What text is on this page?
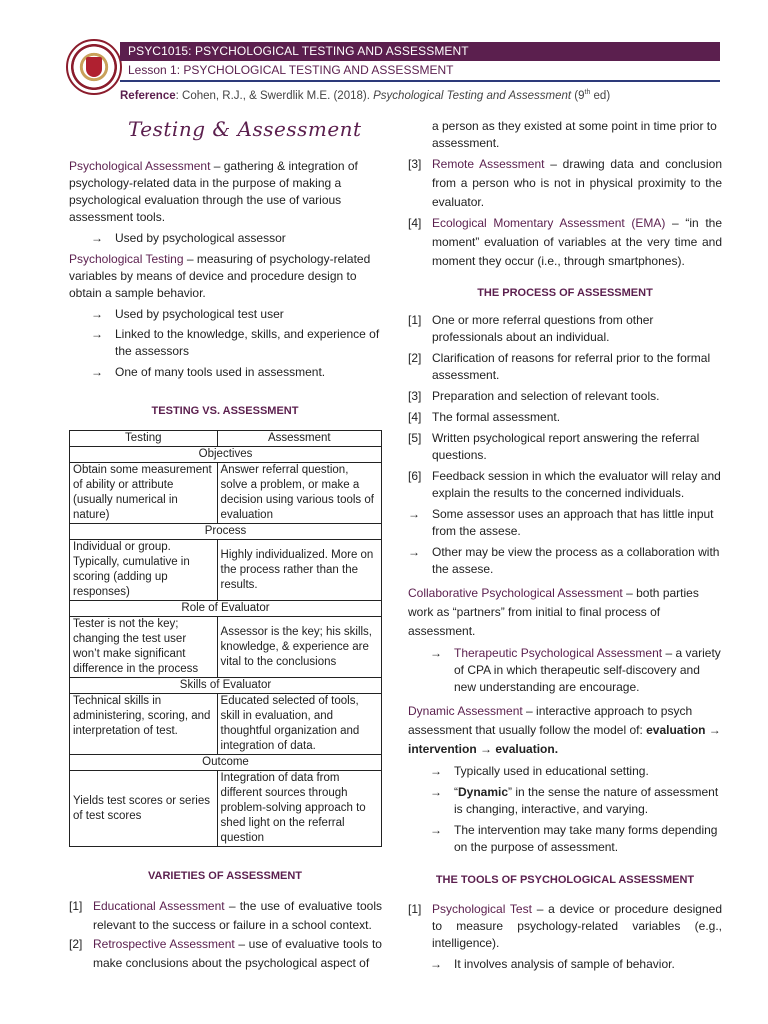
PSYC1015: PSYCHOLOGICAL TESTING AND ASSESSMENT
Lesson 1: PSYCHOLOGICAL TESTING AND ASSESSMENT
Reference: Cohen, R.J., & Swerdlik M.E. (2018). Psychological Testing and Assessment (9th ed)
Testing & Assessment

Psychological Assessment – gathering & integration of psychology-related data in the purpose of making a psychological evaluation through the use of various assessment tools.

→ Used by psychological assessor

Psychological Testing – measuring of psychology-related variables by means of device and procedure design to obtain a sample behavior.

→ Used by psychological test user

→ Linked to the knowledge, skills, and experience of the assessors

→ One of many tools used in assessment.

TESTING VS. ASSESSMENT
Testing	Assessment
Objectives	
Obtain some measurement of ability or attribute (usually numerical in nature)	Answer referral question, solve a problem, or make a decision using various tools of evaluation
Process	
Individual or group. Typically, cumulative in scoring (adding up responses)	Highly individualized. More on the process rather than the results.
Role of Evaluator	
Tester is not the key; changing the test user won’t make significant difference in the process	Assessor is the key; his skills, knowledge, & experience are vital to the conclusions
Skills of Evaluator	
Technical skills in administering, scoring, and interpretation of test.	Educated selected of tools, skill in evaluation, and thoughtful organization and integration of data.
Outcome	
Yields test scores or series of test scores	Integration of data from different sources through problem-solving approach to shed light on the referral question
VARIETIES OF ASSESSMENT

[1] Educational Assessment – the use of evaluative tools relevant to the success or failure in a school context.

[2] Retrospective Assessment – use of evaluative tools to make conclusions about the psychological aspect of

a person as they existed at some point in time prior to assessment.

[3] Remote Assessment – drawing data and conclusion from a person who is not in physical proximity to the evaluator.

[4] Ecological Momentary Assessment (EMA) – “in the moment” evaluation of variables at the very time and moment they occur (i.e., through smartphones).

THE PROCESS OF ASSESSMENT

[1] One or more referral questions from other professionals about an individual.

[2] Clarification of reasons for referral prior to the formal assessment.

[3] Preparation and selection of relevant tools.

[4] The formal assessment.

[5] Written psychological report answering the referral questions.

[6] Feedback session in which the evaluator will relay and explain the results to the concerned individuals.

→ Some assessor uses an approach that has little input from the assese.

→ Other may be view the process as a collaboration with the assese.

Collaborative Psychological Assessment – both parties work as “partners” from initial to final process of assessment.

→ Therapeutic Psychological Assessment – a variety of CPA in which therapeutic self-discovery and new understanding are encourage.

Dynamic Assessment – interactive approach to psych assessment that usually follow the model of: evaluation → intervention → evaluation.

→ Typically used in educational setting.

→ “Dynamic” in the sense the nature of assessment is changing, interactive, and varying.

→ The intervention may take many forms depending on the purpose of assessment.

THE TOOLS OF PSYCHOLOGICAL ASSESSMENT

[1] Psychological Test – a device or procedure designed to measure psychology-related variables (e.g., intelligence).

→ It involves analysis of sample of behavior.
